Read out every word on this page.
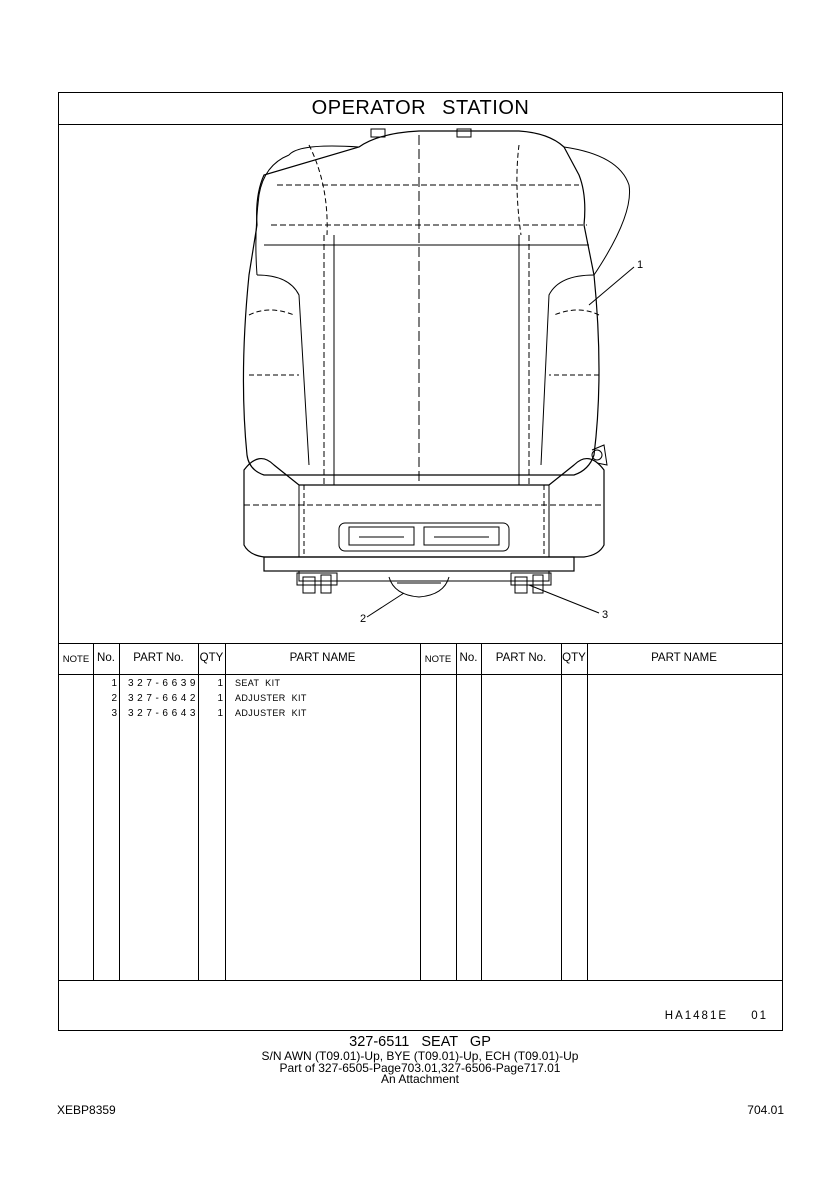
OPERATOR STATION
1
2	3
NOTE No.	PART No.	QTY	PART NAME	NOTE No.	PART No.	QTY	PART NAME
1 327-6639	1 SEAT KIT
2 327-6642	1 ADJUSTER KIT
3 327-6643	1 ADJUSTER KIT
HA1481E 01
327-6511 SEAT GP
S/N AWN (T09.01)-Up, BYE (T09.01)-Up, ECH (T09.01)-Up
Part of 327-6505-Page703.01,327-6506-Page717.01
An Attachment
XEBP8359	704.01
